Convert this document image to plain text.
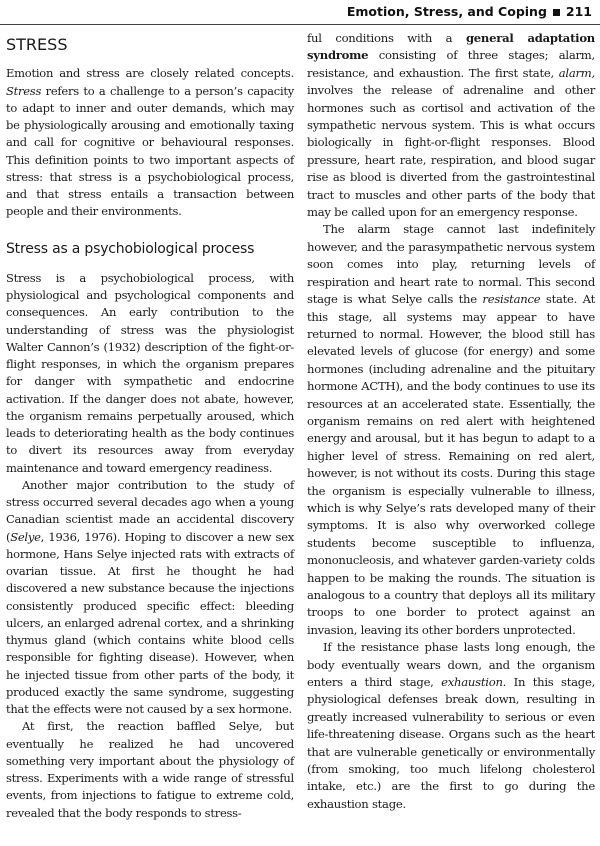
Emotion, Stress, and Coping 211
STRESS

Emotion and stress are closely related concepts. Stress refers to a challenge to a person’s capacity to adapt to inner and outer demands, which may be physiologically arousing and emotionally taxing and call for cognitive or behavioural responses. This definition points to two important aspects of stress: that stress is a psychobiological process, and that stress entails a transaction between people and their environments.

Stress as a psychobiological process

Stress is a psychobiological process, with physiological and psychological components and consequences. An early contribution to the understanding of stress was the physiologist Walter Cannon’s (1932) description of the fight-or-flight responses, in which the organism prepares for danger with sympathetic and endocrine activation. If the danger does not abate, however, the organism remains perpetually aroused, which leads to deteriorating health as the body continues to divert its resources away from everyday maintenance and toward emergency readiness.

Another major contribution to the study of stress occurred several decades ago when a young Canadian scientist made an accidental discovery (Selye, 1936, 1976). Hoping to discover a new sex hormone, Hans Selye injected rats with extracts of ovarian tissue. At first he thought he had discovered a new substance because the injections consistently produced specific effect: bleeding ulcers, an enlarged adrenal cortex, and a shrinking thymus gland (which contains white blood cells responsible for fighting disease). However, when he injected tissue from other parts of the body, it produced exactly the same syndrome, suggesting that the effects were not caused by a sex hormone.

At first, the reaction baffled Selye, but eventually he realized he had uncovered something very important about the physiology of stress. Experiments with a wide range of stressful events, from injections to fatigue to extreme cold, revealed that the body responds to stress-

ful conditions with a general adaptation syndrome consisting of three stages; alarm, resistance, and exhaustion. The first state, alarm, involves the release of adrenaline and other hormones such as cortisol and activation of the sympathetic nervous system. This is what occurs biologically in fight-or-flight responses. Blood pressure, heart rate, respiration, and blood sugar rise as blood is diverted from the gastrointestinal tract to muscles and other parts of the body that may be called upon for an emergency response.

The alarm stage cannot last indefinitely however, and the parasympathetic nervous system soon comes into play, returning levels of respiration and heart rate to normal. This second stage is what Selye calls the resistance state. At this stage, all systems may appear to have returned to normal. However, the blood still has elevated levels of glucose (for energy) and some hormones (including adrenaline and the pituitary hormone ACTH), and the body continues to use its resources at an accelerated state. Essentially, the organism remains on red alert with heightened energy and arousal, but it has begun to adapt to a higher level of stress. Remaining on red alert, however, is not without its costs. During this stage the organism is especially vulnerable to illness, which is why Selye’s rats developed many of their symptoms. It is also why overworked college students become susceptible to influenza, mononucleosis, and whatever garden-variety colds happen to be making the rounds. The situation is analogous to a country that deploys all its military troops to one border to protect against an invasion, leaving its other borders unprotected.

If the resistance phase lasts long enough, the body eventually wears down, and the organism enters a third stage, exhaustion. In this stage, physiological defenses break down, resulting in greatly increased vulnerability to serious or even life-threatening disease. Organs such as the heart that are vulnerable genetically or environmentally (from smoking, too much lifelong cholesterol intake, etc.) are the first to go during the exhaustion stage.
